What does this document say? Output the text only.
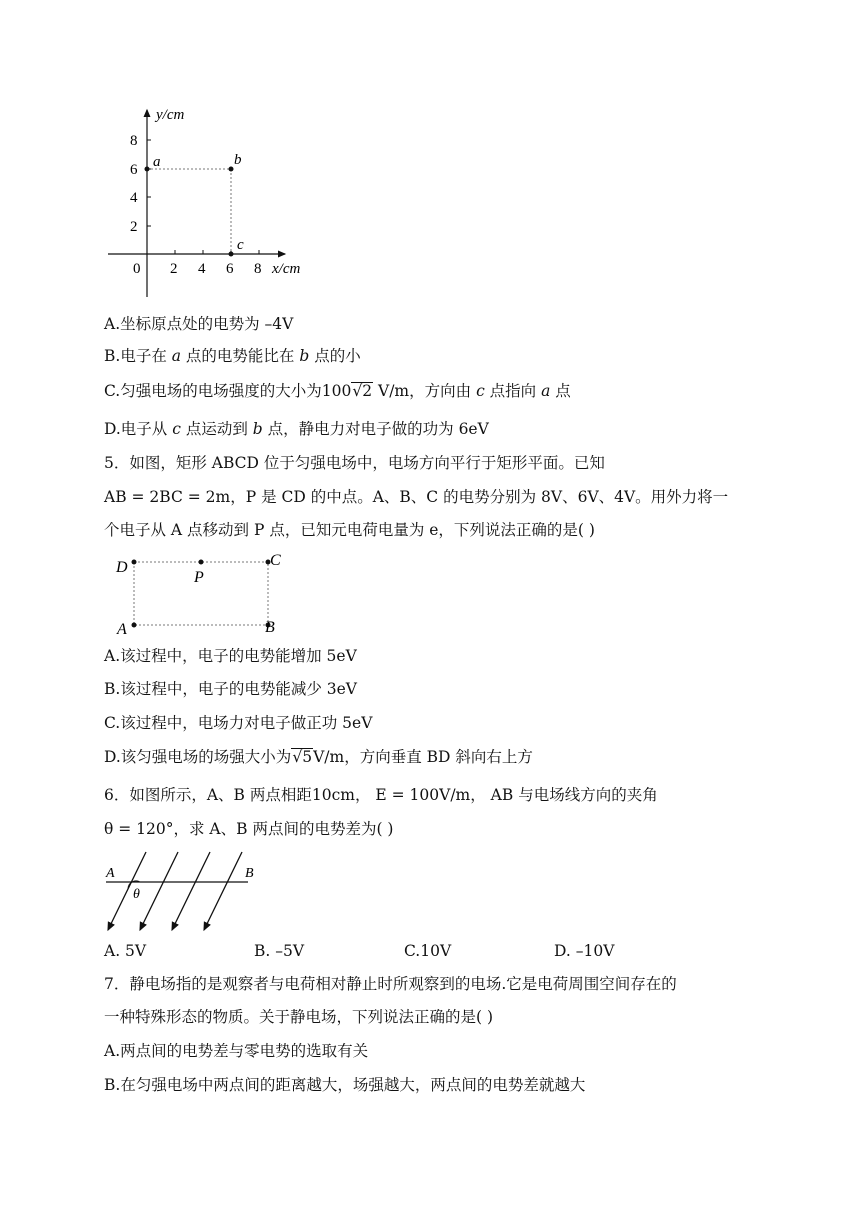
y/cm
8
6
4
2
0 2 4 6 8 x/cm
a	b
c
A.坐标原点处的电势为 –4V
B.电子在 a 点的电势能比在 b 点的小
C.匀强电场的电场强度的大小为100√2 V/m，方向由 c 点指向 a 点
D.电子从 c 点运动到 b 点，静电力对电子做的功为 6eV
5．如图，矩形 ABCD 位于匀强电场中，电场方向平行于矩形平面。已知
AB = 2BC = 2m，P 是 CD 的中点。A、B、C 的电势分别为 8V、6V、4V。用外力将一
个电子从 A 点移动到 P 点，已知元电荷电量为 e，下列说法正确的是( )
D
P
C
A	B
A.该过程中，电子的电势能增加 5eV
B.该过程中，电子的电势能减少 3eV
C.该过程中，电场力对电子做正功 5eV
D.该匀强电场的场强大小为√5V/m，方向垂直 BD 斜向右上方
6．如图所示，A、B 两点相距10cm， E = 100V/m， AB 与电场线方向的夹角
θ = 120°，求 A、B 两点间的电势差为( )
A	B
θ
A. 5V	B. –5V	C.10V	D. –10V
7．静电场指的是观察者与电荷相对静止时所观察到的电场.它是电荷周围空间存在的
一种特殊形态的物质。关于静电场，下列说法正确的是( )
A.两点间的电势差与零电势的选取有关
B.在匀强电场中两点间的距离越大，场强越大，两点间的电势差就越大
